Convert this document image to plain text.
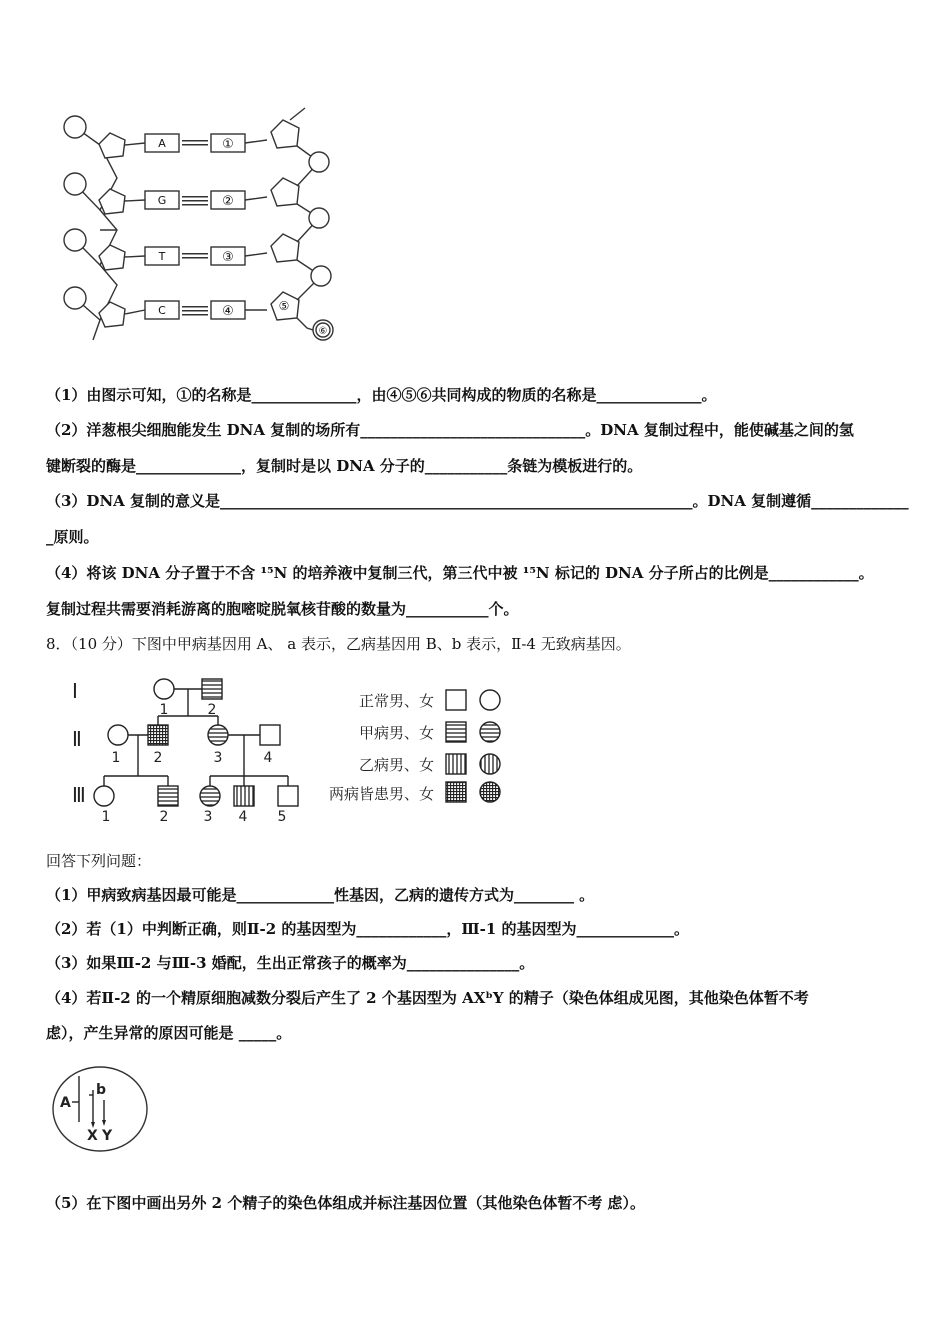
A
G
T
C
①
②
③
④	⑤
⑥
（1）由图示可知，①的名称是______________，由④⑤⑥共同构成的物质的名称是______________。
（2）洋葱根尖细胞能发生 DNA 复制的场所有______________________________。DNA 复制过程中，能使碱基之间的氢
键断裂的酶是______________，复制时是以 DNA 分子的___________条链为模板进行的。
（3）DNA 复制的意义是_______________________________________________________________。DNA 复制遵循_____________
_原则。
（4）将该 DNA 分子置于不含 ¹⁵N 的培养液中复制三代，第三代中被 ¹⁵N 标记的 DNA 分子所占的比例是____________。
复制过程共需要消耗游离的胞嘧啶脱氧核苷酸的数量为___________个。
8．（10 分）下图中甲病基因用 A、 a 表示，乙病基因用 B、b 表示，Ⅱ-4 无致病基因。
Ⅰ
Ⅱ
Ⅲ
1	2
1 2	3	4
1	2	3 4 5
正常男、女
甲病男、女
乙病男、女
两病皆患男、女
回答下列问题：
（1）甲病致病基因最可能是_____________性基因，乙病的遗传方式为________ 。
（2）若（1）中判断正确，则Ⅱ-2 的基因型为____________，Ⅲ-1 的基因型为_____________。
（3）如果Ⅲ-2 与Ⅲ-3 婚配，生出正常孩子的概率为_______________。
（4）若Ⅱ-2 的一个精原细胞减数分裂后产生了 2 个基因型为 AXᵇY 的精子（染色体组成见图，其他染色体暂不考
虑），产生异常的原因可能是 _____。
A
b
X Y
（5）在下图中画出另外 2 个精子的染色体组成并标注基因位置（其他染色体暂不考 虑）。
